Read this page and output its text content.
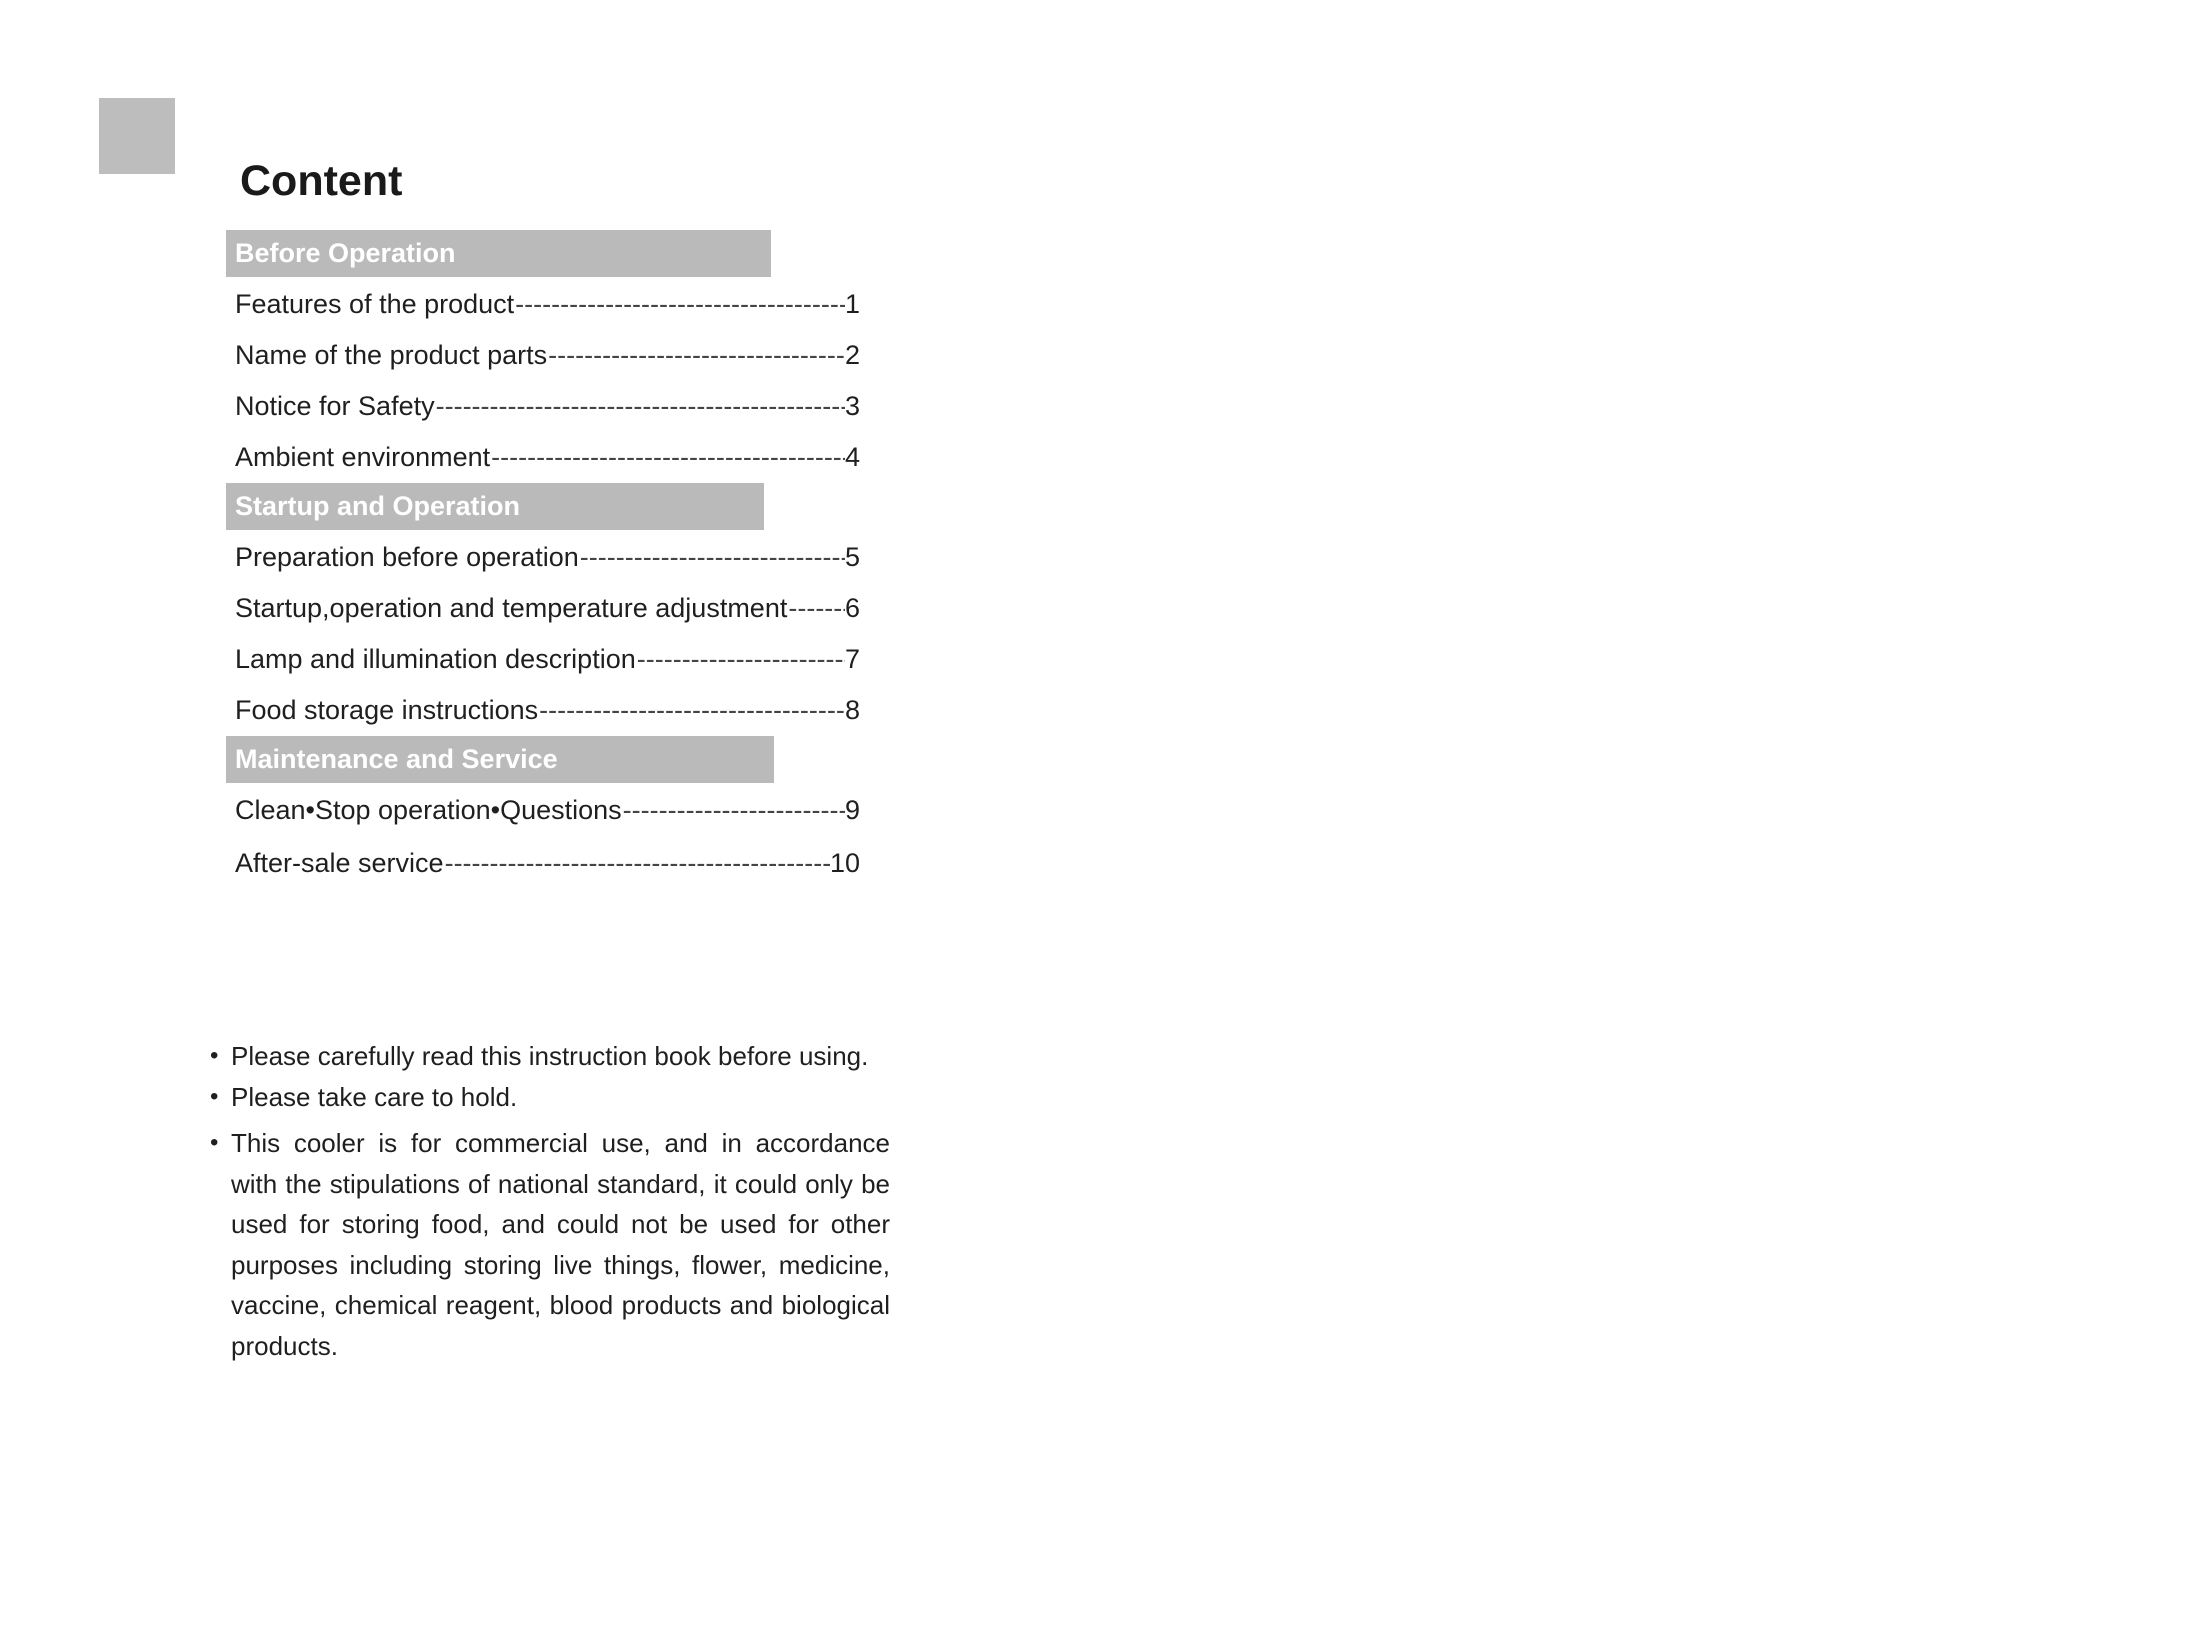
Content
Before Operation
Features of the product -----	1
Name of the product parts -----	2
Notice for Safety -----	3
Ambient environment -----	4
Startup and Operation
Preparation before operation -----	5
Startup,operation and temperature adjustment ----- 6
Lamp and illumination description -----	7
Food storage instructions -----	8
Maintenance and Service
Clean•Stop operation•Questions -----	9
After-sale service -----	10
• Please carefully read this instruction book before using.
• Please take care to hold.
• This cooler is for commercial use, and in accordance with the stipulations of national standard, it could only be used for storing food, and could not be used for other purposes including storing live things, flower, medicine, vaccine, chemical reagent, blood products and biological products.
